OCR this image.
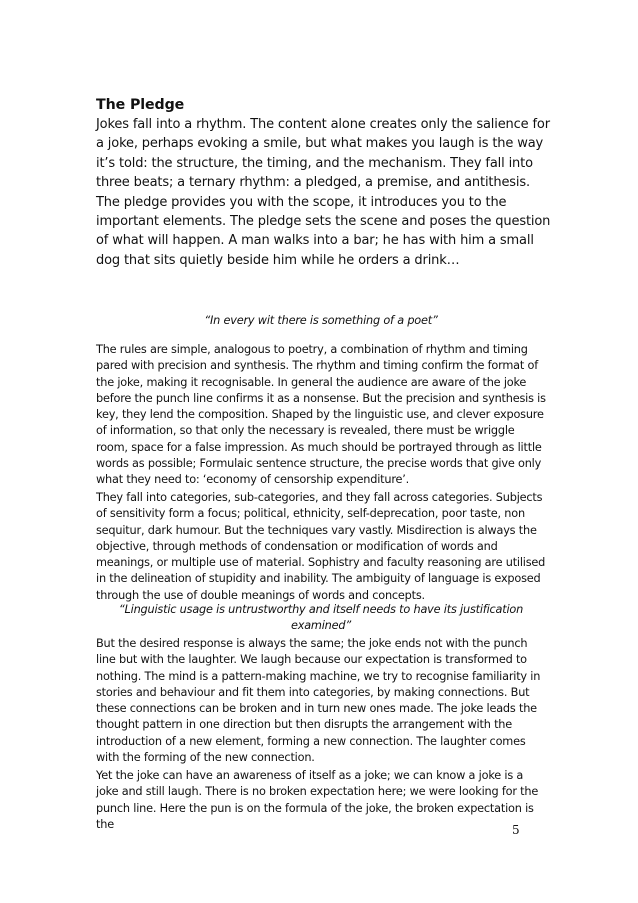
The Pledge

Jokes fall into a rhythm. The content alone creates only the salience for a joke, perhaps evoking a smile, but what makes you laugh is the way it’s told: the structure, the timing, and the mechanism. They fall into three beats; a ternary rhythm: a pledged, a premise, and antithesis. The pledge provides you with the scope, it introduces you to the important elements. The pledge sets the scene and poses the question of what will happen. A man walks into a bar; he has with him a small dog that sits quietly beside him while he orders a drink…

“In every wit there is something of a poet”

The rules are simple, analogous to poetry, a combination of rhythm and timing pared with precision and synthesis. The rhythm and timing confirm the format of the joke, making it recognisable. In general the audience are aware of the joke before the punch line confirms it as a nonsense. But the precision and synthesis is key, they lend the composition. Shaped by the linguistic use, and clever exposure of information, so that only the necessary is revealed, there must be wriggle room, space for a false impression. As much should be portrayed through as little words as possible; Formulaic sentence structure, the precise words that give only what they need to: ‘economy of censorship expenditure’.

They fall into categories, sub-categories, and they fall across categories. Subjects of sensitivity form a focus; political, ethnicity, self-deprecation, poor taste, non sequitur, dark humour. But the techniques vary vastly. Misdirection is always the objective, through methods of condensation or modification of words and meanings, or multiple use of material. Sophistry and faculty reasoning are utilised in the delineation of stupidity and inability. The ambiguity of language is exposed through the use of double meanings of words and concepts.

“Linguistic usage is untrustworthy and itself needs to have its justification examined”

But the desired response is always the same; the joke ends not with the punch line but with the laughter. We laugh because our expectation is transformed to nothing. The mind is a pattern-making machine, we try to recognise familiarity in stories and behaviour and fit them into categories, by making connections. But these connections can be broken and in turn new ones made. The joke leads the thought pattern in one direction but then disrupts the arrangement with the introduction of a new element, forming a new connection. The laughter comes with the forming of the new connection.

Yet the joke can have an awareness of itself as a joke; we can know a joke is a joke and still laugh. There is no broken expectation here; we were looking for the punch line. Here the pun is on the formula of the joke, the broken expectation is the	5
